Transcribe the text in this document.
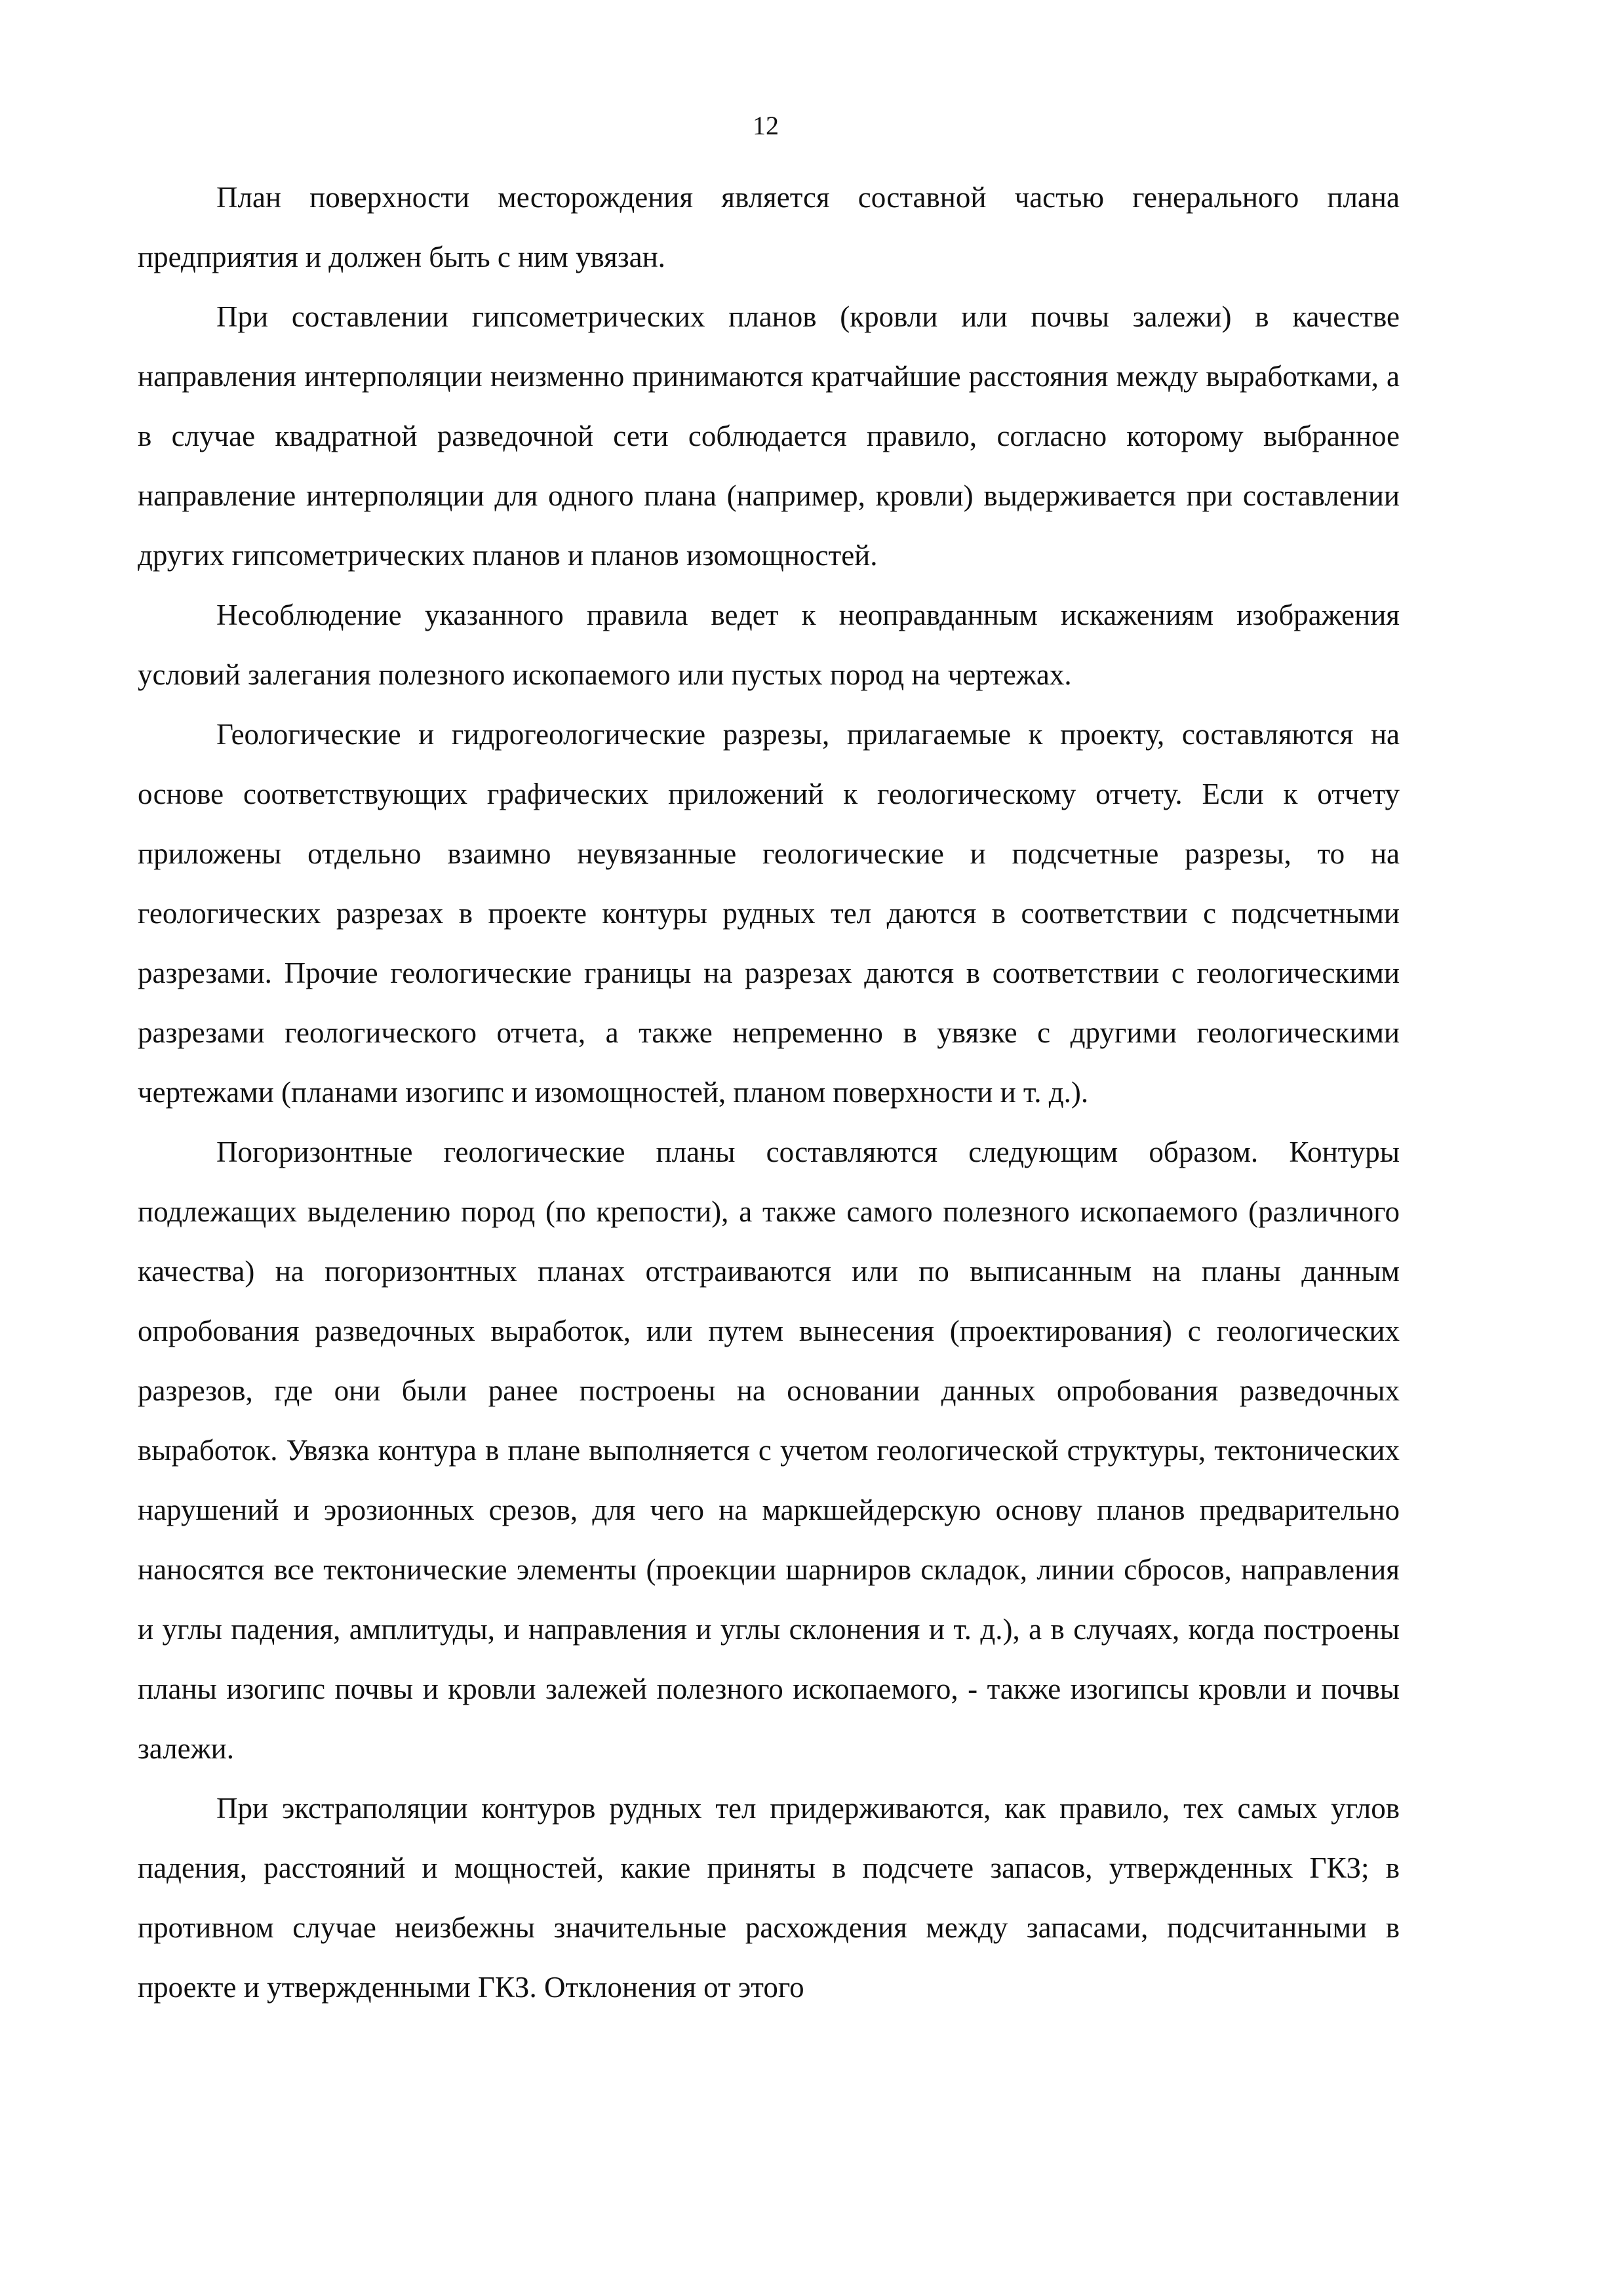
12

План поверхности месторождения является составной частью генерального плана предприятия и должен быть с ним увязан.

При составлении гипсометрических планов (кровли или почвы залежи) в качестве направления интерполяции неизменно принимаются кратчайшие расстояния между выработками, а в случае квадратной разведочной сети соблюдается правило, согласно которому выбранное направление интерполяции для одного плана (например, кровли) выдерживается при составлении других гипсометрических планов и планов изомощностей.

Несоблюдение указанного правила ведет к неоправданным искажениям изображения условий залегания полезного ископаемого или пустых пород на чертежах.

Геологические и гидрогеологические разрезы, прилагаемые к проекту, составляются на основе соответствующих графических приложений к геологическому отчету. Если к отчету приложены отдельно взаимно неувязанные геологические и подсчетные разрезы, то на геологических разрезах в проекте контуры рудных тел даются в соответствии с подсчетными разрезами. Прочие геологические границы на разрезах даются в соответствии с геологическими разрезами геологического отчета, а также непременно в увязке с другими геологическими чертежами (планами изогипс и изомощностей, планом поверхности и т. д.).

Погоризонтные геологические планы составляются следующим образом. Контуры подлежащих выделению пород (по крепости), а также самого полезного ископаемого (различного качества) на погоризонтных планах отстраиваются или по выписанным на планы данным опробования разведочных выработок, или путем вынесения (проектирования) с геологических разрезов, где они были ранее построены на основании данных опробования разведочных выработок. Увязка контура в плане выполняется с учетом геологической структуры, тектонических нарушений и эрозионных срезов, для чего на маркшейдерскую основу планов предварительно наносятся все тектонические элементы (проекции шарниров складок, линии сбросов, направления и углы падения, амплитуды, и направления и углы склонения и т. д.), а в случаях, когда построены планы изогипс почвы и кровли залежей полезного ископаемого, - также изогипсы кровли и почвы залежи.

При экстраполяции контуров рудных тел придерживаются, как правило, тех самых углов падения, расстояний и мощностей, какие приняты в подсчете запасов, утвержденных ГКЗ; в противном случае неизбежны значительные расхождения между запасами, подсчитанными в проекте и утвержденными ГКЗ. Отклонения от этого
